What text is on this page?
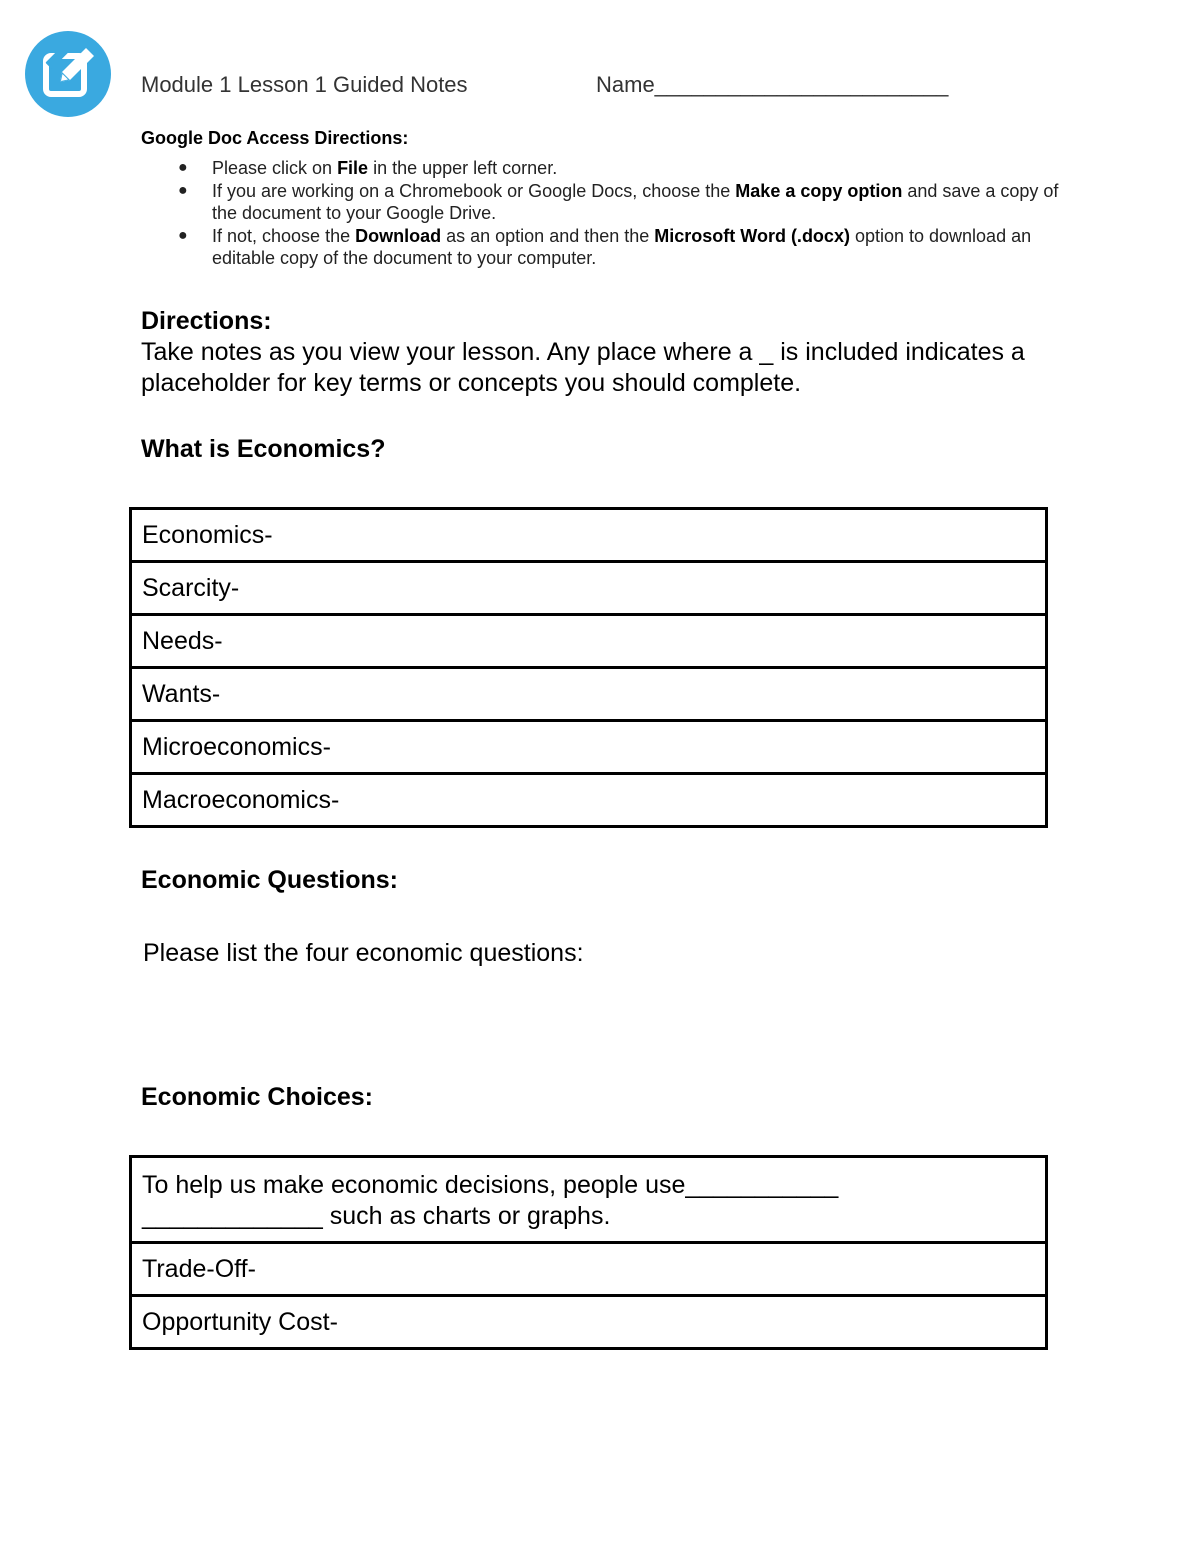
Module 1 Lesson 1 Guided Notes	Name________________________
Google Doc Access Directions:
● Please click on File in the upper left corner.
● If you are working on a Chromebook or Google Docs, choose the Make a copy option and save a copy of the document to your Google Drive.
● If not, choose the Download as an option and then the Microsoft Word (.docx) option to download an editable copy of the document to your computer.
Directions:
Take notes as you view your lesson. Any place where a _ is included indicates a placeholder for key terms or concepts you should complete.
What is Economics?
Economics-
Scarcity-
Needs-
Wants-
Microeconomics-
Macroeconomics-
Economic Questions:
Please list the four economic questions:
Economic Choices:
To help us make economic decisions, people use___________
_____________ such as charts or graphs.

Trade-Off-
Opportunity Cost-
